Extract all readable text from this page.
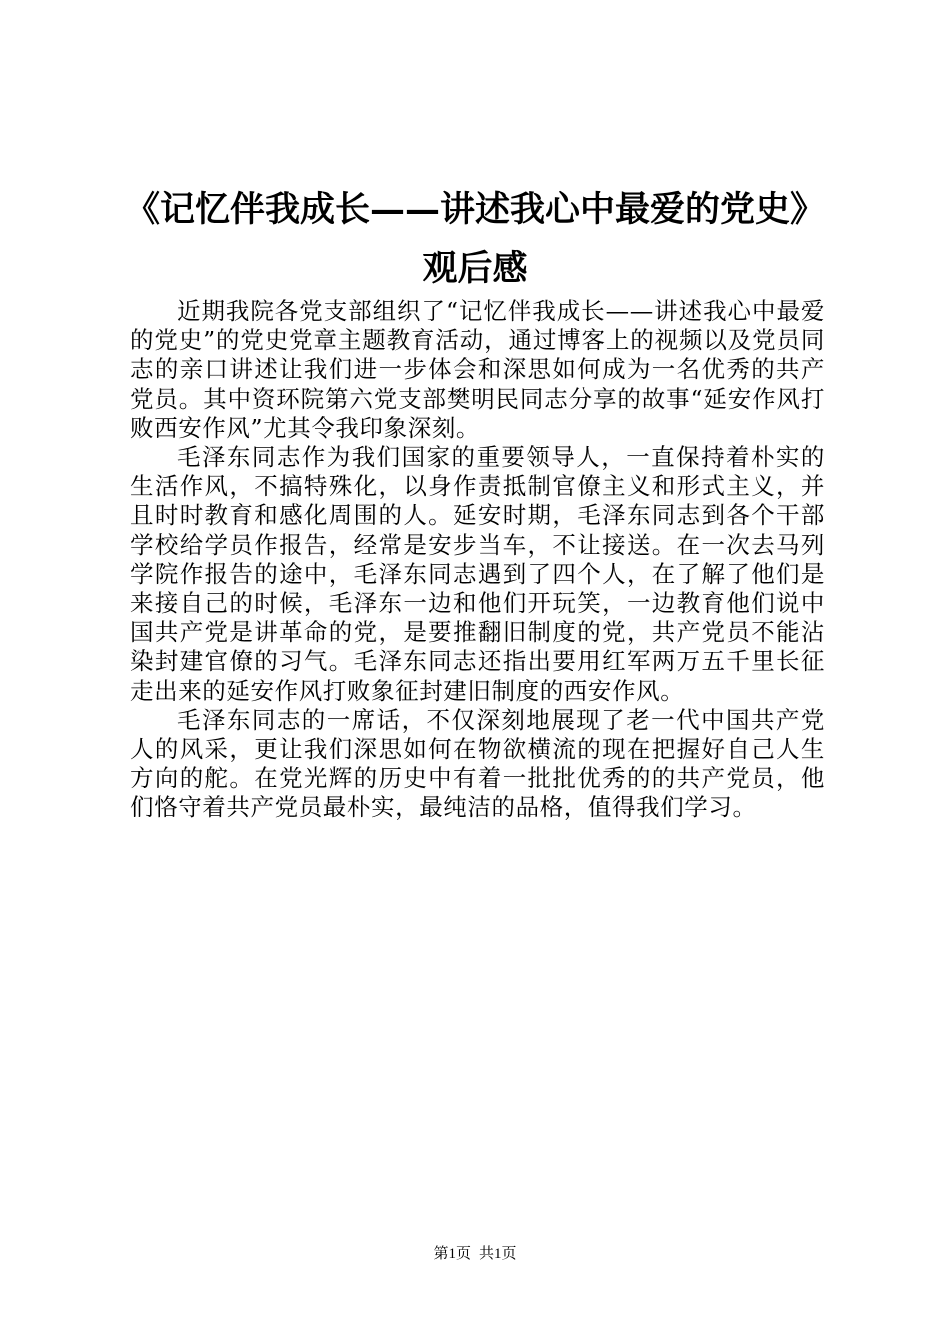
《记忆伴我成长——讲述我心中最爱的党史》
观后感

近期我院各党支部组织了“记忆伴我成长——讲述我心中最爱的党史”的党史党章主题教育活动，通过博客上的视频以及党员同志的亲口讲述让我们进一步体会和深思如何成为一名优秀的共产党员。其中资环院第六党支部樊明民同志分享的故事“延安作风打败西安作风”尤其令我印象深刻。

毛泽东同志作为我们国家的重要领导人，一直保持着朴实的生活作风，不搞特殊化，以身作责抵制官僚主义和形式主义，并且时时教育和感化周围的人。延安时期，毛泽东同志到各个干部学校给学员作报告，经常是安步当车，不让接送。在一次去马列学院作报告的途中，毛泽东同志遇到了四个人，在了解了他们是来接自己的时候，毛泽东一边和他们开玩笑，一边教育他们说中国共产党是讲革命的党，是要推翻旧制度的党，共产党员不能沾染封建官僚的习气。毛泽东同志还指出要用红军两万五千里长征走出来的延安作风打败象征封建旧制度的西安作风。

毛泽东同志的一席话，不仅深刻地展现了老一代中国共产党人的风采，更让我们深思如何在物欲横流的现在把握好自己人生方向的舵。在党光辉的历史中有着一批批优秀的的共产党员，他们恪守着共产党员最朴实，最纯洁的品格，值得我们学习。

第1页 共1页
